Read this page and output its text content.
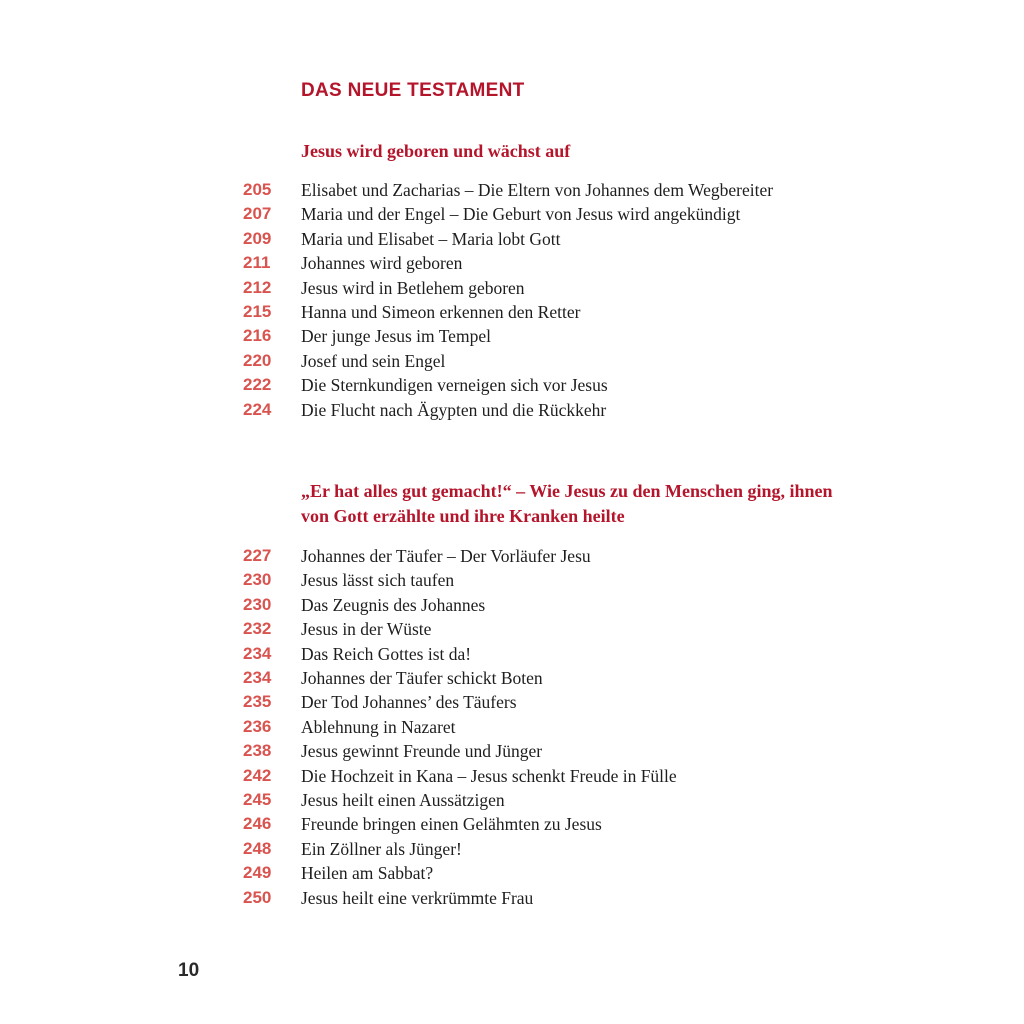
DAS NEUE TESTAMENT
Jesus wird geboren und wächst auf
205	Elisabet und Zacharias – Die Eltern von Johannes dem Wegbereiter
207	Maria und der Engel – Die Geburt von Jesus wird angekündigt
209	Maria und Elisabet – Maria lobt Gott
211	Johannes wird geboren
212	Jesus wird in Betlehem geboren
215	Hanna und Simeon erkennen den Retter
216	Der junge Jesus im Tempel
220	Josef und sein Engel
222	Die Sternkundigen verneigen sich vor Jesus
224	Die Flucht nach Ägypten und die Rückkehr
„Er hat alles gut gemacht!“ – Wie Jesus zu den Menschen ging, ihnen von Gott erzählte und ihre Kranken heilte
227	Johannes der Täufer – Der Vorläufer Jesu
230	Jesus lässt sich taufen
230	Das Zeugnis des Johannes
232	Jesus in der Wüste
234	Das Reich Gottes ist da!
234	Johannes der Täufer schickt Boten
235	Der Tod Johannes’ des Täufers
236	Ablehnung in Nazaret
238	Jesus gewinnt Freunde und Jünger
242	Die Hochzeit in Kana – Jesus schenkt Freude in Fülle
245	Jesus heilt einen Aussätzigen
246	Freunde bringen einen Gelähmten zu Jesus
248	Ein Zöllner als Jünger!
249	Heilen am Sabbat?
250	Jesus heilt eine verkrümmte Frau

10
